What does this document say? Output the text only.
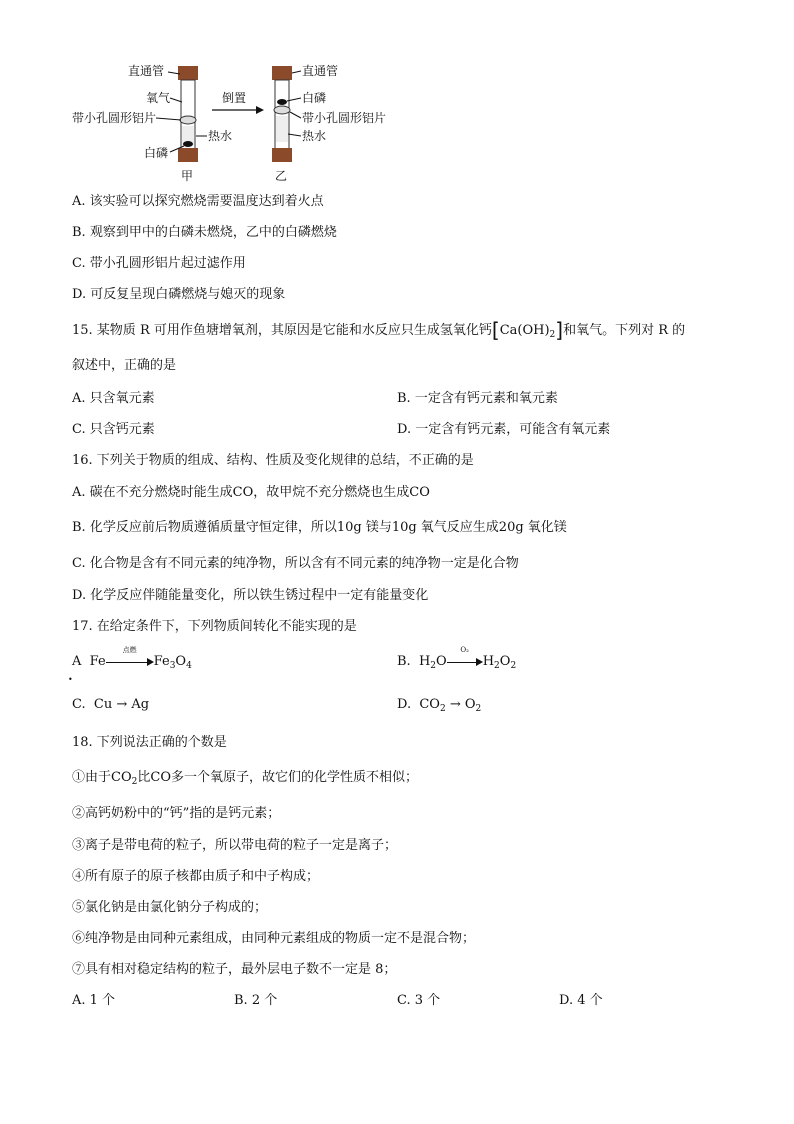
直通管
氧气
带小孔圆形铝片
热水
白磷
倒置
直通管
白磷
带小孔圆形铝片
热水
甲	乙
A. 该实验可以探究燃烧需要温度达到着火点
B. 观察到甲中的白磷未燃烧，乙中的白磷燃烧
C. 带小孔圆形铝片起过滤作用
D. 可反复呈现白磷燃烧与媳灭的现象
15. 某物质 R 可用作鱼塘增氧剂，其原因是它能和水反应只生成氢氧化钙$[Ca(OH)_2]$和氧气。下列对 R 的
叙述中，正确的是
A. 只含氧元素	B. 一定含有钙元素和氧元素
C. 只含钙元素	D. 一定含有钙元素，可能含有氧元素
16. 下列关于物质的组成、结构、性质及变化规律的总结，不正确的是
A. 碳在不充分燃烧时能生成CO，故甲烷不充分燃烧也生成CO
B. 化学反应前后物质遵循质量守恒定律，所以10g 镁与10g 氧气反应生成20g 氧化镁
C. 化合物是含有不同元素的纯净物，所以含有不同元素的纯净物一定是化合物
D. 化学反应伴随能量变化，所以铁生锈过程中一定有能量变化
17. 在给定条件下，下列物质间转化不能实现的是
A Fe
点燃
$Fe_3O_4$	B. $H_2O$
O₂
$H_2O_2$
•
C. Cu → Ag	D. $CO_2 \to O_2$
18. 下列说法正确的个数是
①由于$CO_2$比CO多一个氧原子，故它们的化学性质不相似；
②高钙奶粉中的“钙”指的是钙元素；
③离子是带电荷的粒子，所以带电荷的粒子一定是离子；
④所有原子的原子核都由质子和中子构成；
⑤氯化钠是由氯化钠分子构成的；
⑥纯净物是由同种元素组成，由同种元素组成的物质一定不是混合物；
⑦具有相对稳定结构的粒子，最外层电子数不一定是 8；
A. 1 个	B. 2 个	C. 3 个	D. 4 个
